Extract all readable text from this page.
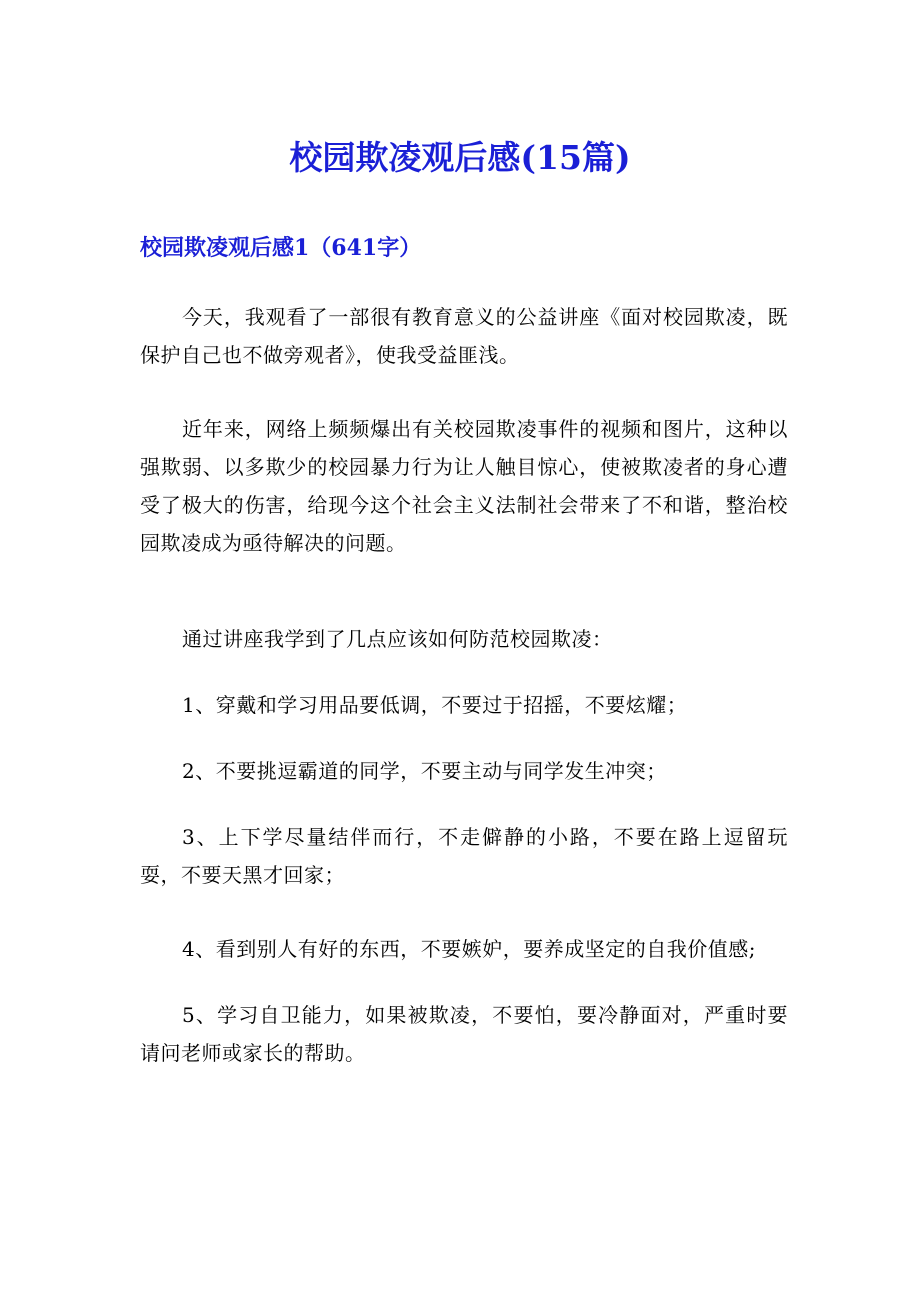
校园欺凌观后感(15篇)
校园欺凌观后感1（641字）

今天，我观看了一部很有教育意义的公益讲座《面对校园欺凌，既保护自己也不做旁观者》，使我受益匪浅。

近年来，网络上频频爆出有关校园欺凌事件的视频和图片，这种以强欺弱、以多欺少的校园暴力行为让人触目惊心，使被欺凌者的身心遭受了极大的伤害，给现今这个社会主义法制社会带来了不和谐，整治校园欺凌成为亟待解决的问题。

通过讲座我学到了几点应该如何防范校园欺凌：

1、穿戴和学习用品要低调，不要过于招摇，不要炫耀；

2、不要挑逗霸道的同学，不要主动与同学发生冲突；

3、上下学尽量结伴而行，不走僻静的小路，不要在路上逗留玩耍，不要天黑才回家；

4、看到别人有好的东西，不要嫉妒，要养成坚定的自我价值感;

5、学习自卫能力，如果被欺凌，不要怕，要冷静面对，严重时要请问老师或家长的帮助。
